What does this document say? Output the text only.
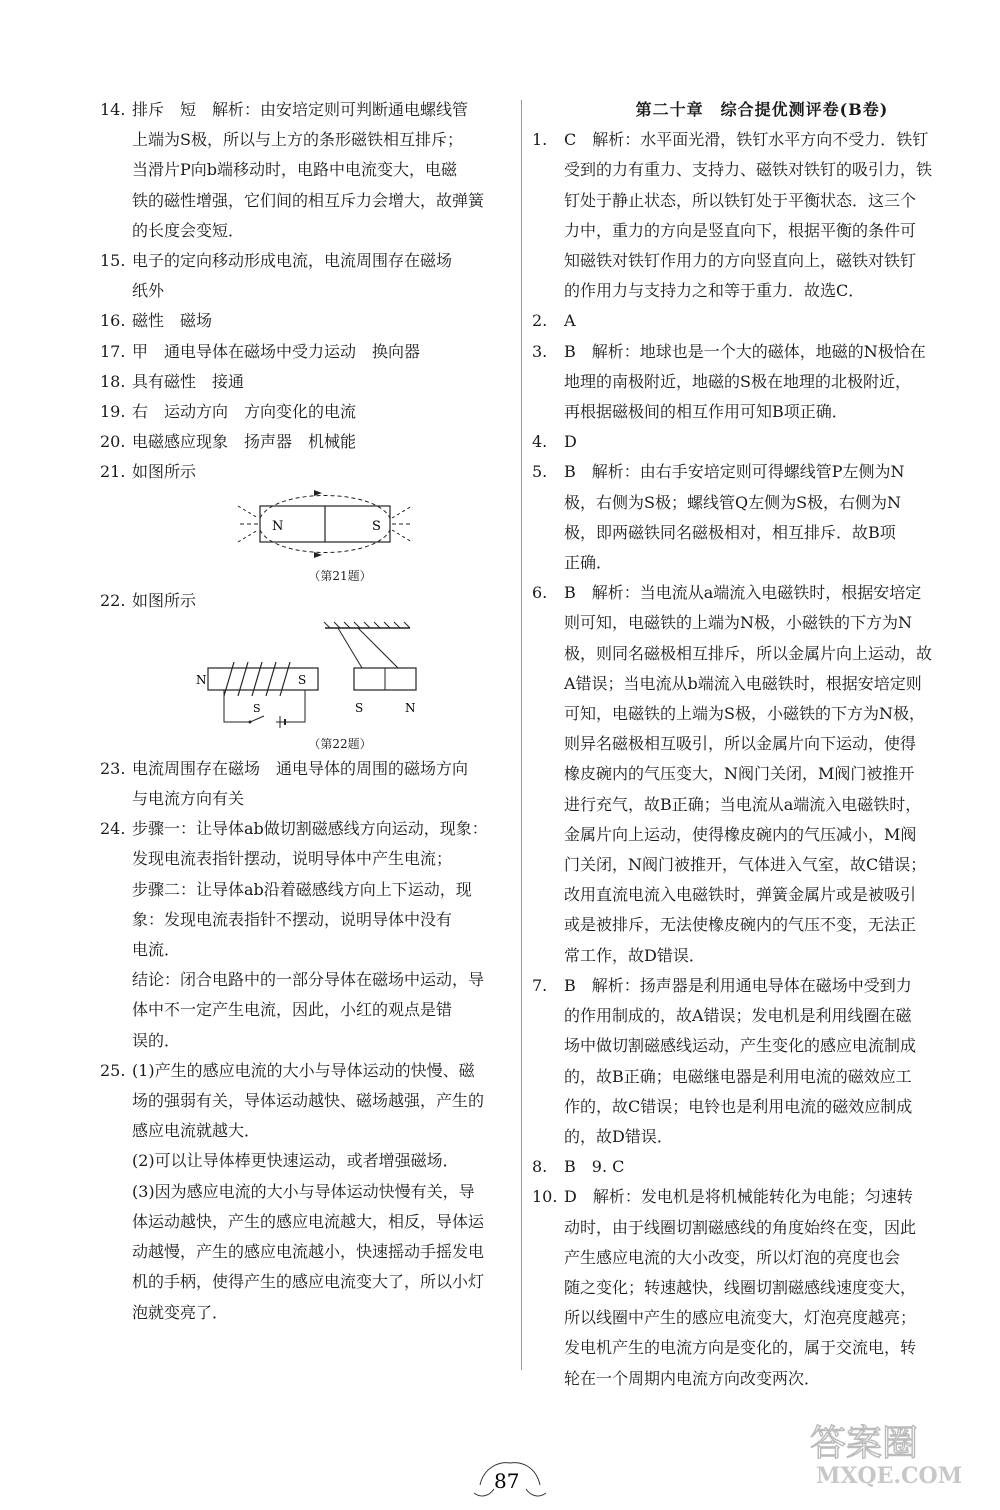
14. 排斥　短　解析：由安培定则可判断通电螺线管
上端为S极，所以与上方的条形磁铁相互排斥；
当滑片P向b端移动时，电路中电流变大，电磁
铁的磁性增强，它们间的相互斥力会增大，故弹簧
的长度会变短．
15. 电子的定向移动形成电流，电流周围存在磁场
纸外
16. 磁性　磁场
17. 甲　通电导体在磁场中受力运动　换向器
18. 具有磁性　接通
19. 右　运动方向　方向变化的电流
20. 电磁感应现象　扬声器　机械能
21. 如图所示
N	S
（第21题）
22. 如图所示
S	N
N	S
S
（第22题）
23. 电流周围存在磁场　通电导体的周围的磁场方向
与电流方向有关
24. 步骤一：让导体ab做切割磁感线方向运动，现象：
发现电流表指针摆动，说明导体中产生电流；
步骤二：让导体ab沿着磁感线方向上下运动，现
象：发现电流表指针不摆动，说明导体中没有
电流．
结论：闭合电路中的一部分导体在磁场中运动，导
体中不一定产生电流，因此，小红的观点是错
误的．
25. (1)产生的感应电流的大小与导体运动的快慢、磁
场的强弱有关，导体运动越快、磁场越强，产生的
感应电流就越大．
(2)可以让导体棒更快速运动，或者增强磁场．
(3)因为感应电流的大小与导体运动快慢有关，导
体运动越快，产生的感应电流越大，相反，导体运
动越慢，产生的感应电流越小，快速摇动手摇发电
机的手柄，使得产生的感应电流变大了，所以小灯
泡就变亮了．
第二十章　综合提优测评卷(B卷)
1.	C　解析：水平面光滑，铁钉水平方向不受力．铁钉
受到的力有重力、支持力、磁铁对铁钉的吸引力，铁
钉处于静止状态，所以铁钉处于平衡状态．这三个
力中，重力的方向是竖直向下，根据平衡的条件可
知磁铁对铁钉作用力的方向竖直向上，磁铁对铁钉
的作用力与支持力之和等于重力．故选C．
2.	A
3.	B　解析：地球也是一个大的磁体，地磁的N极恰在
地理的南极附近，地磁的S极在地理的北极附近，
再根据磁极间的相互作用可知B项正确．
4.	D
5.	B　解析：由右手安培定则可得螺线管P左侧为N
极，右侧为S极；螺线管Q左侧为S极，右侧为N
极，即两磁铁同名磁极相对，相互排斥．故B项
正确．
6.	B　解析：当电流从a端流入电磁铁时，根据安培定
则可知，电磁铁的上端为N极，小磁铁的下方为N
极，则同名磁极相互排斥，所以金属片向上运动，故
A错误；当电流从b端流入电磁铁时，根据安培定则
可知，电磁铁的上端为S极，小磁铁的下方为N极，
则异名磁极相互吸引，所以金属片向下运动，使得
橡皮碗内的气压变大，N阀门关闭，M阀门被推开
进行充气，故B正确；当电流从a端流入电磁铁时，
金属片向上运动，使得橡皮碗内的气压减小，M阀
门关闭，N阀门被推开，气体进入气室，故C错误；
改用直流电流入电磁铁时，弹簧金属片或是被吸引
或是被排斥，无法使橡皮碗内的气压不变，无法正
常工作，故D错误．
7.	B　解析：扬声器是利用通电导体在磁场中受到力
的作用制成的，故A错误；发电机是利用线圈在磁
场中做切割磁感线运动，产生变化的感应电流制成
的，故B正确；电磁继电器是利用电流的磁效应工
作的，故C错误；电铃也是利用电流的磁效应制成
的，故D错误．
8.	B　9. C
10. D　解析：发电机是将机械能转化为电能；匀速转
动时，由于线圈切割磁感线的角度始终在变，因此
产生感应电流的大小改变，所以灯泡的亮度也会
随之变化；转速越快，线圈切割磁感线速度变大，
所以线圈中产生的感应电流变大，灯泡亮度越亮；
发电机产生的电流方向是变化的，属于交流电，转
轮在一个周期内电流方向改变两次．
87
答案圈
MXQE.COM
